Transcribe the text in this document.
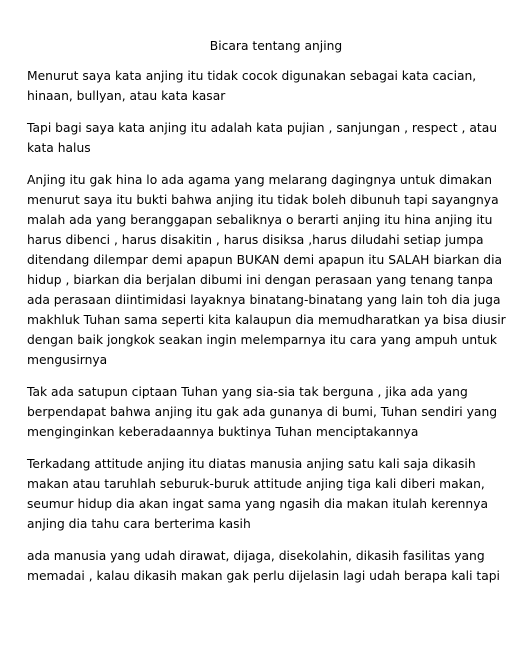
Bicara tentang anjing
Menurut saya kata anjing itu tidak cocok digunakan sebagai kata cacian,
hinaan, bullyan, atau kata kasar
Tapi bagi saya kata anjing itu adalah kata pujian , sanjungan , respect , atau
kata halus
Anjing itu gak hina lo ada agama yang melarang dagingnya untuk dimakan
menurut saya itu bukti bahwa anjing itu tidak boleh dibunuh tapi sayangnya
malah ada yang beranggapan sebaliknya o berarti anjing itu hina anjing itu
harus dibenci , harus disakitin , harus disiksa ,harus diludahi setiap jumpa
ditendang dilempar demi apapun BUKAN demi apapun itu SALAH biarkan dia
hidup , biarkan dia berjalan dibumi ini dengan perasaan yang tenang tanpa
ada perasaan diintimidasi layaknya binatang-binatang yang lain toh dia juga
makhluk Tuhan sama seperti kita kalaupun dia memudharatkan ya bisa diusir
dengan baik jongkok seakan ingin melemparnya itu cara yang ampuh untuk
mengusirnya
Tak ada satupun ciptaan Tuhan yang sia-sia tak berguna , jika ada yang
berpendapat bahwa anjing itu gak ada gunanya di bumi, Tuhan sendiri yang
menginginkan keberadaannya buktinya Tuhan menciptakannya
Terkadang attitude anjing itu diatas manusia anjing satu kali saja dikasih
makan atau taruhlah seburuk-buruk attitude anjing tiga kali diberi makan,
seumur hidup dia akan ingat sama yang ngasih dia makan itulah kerennya
anjing dia tahu cara berterima kasih
ada manusia yang udah dirawat, dijaga, disekolahin, dikasih fasilitas yang
memadai , kalau dikasih makan gak perlu dijelasin lagi udah berapa kali tapi
